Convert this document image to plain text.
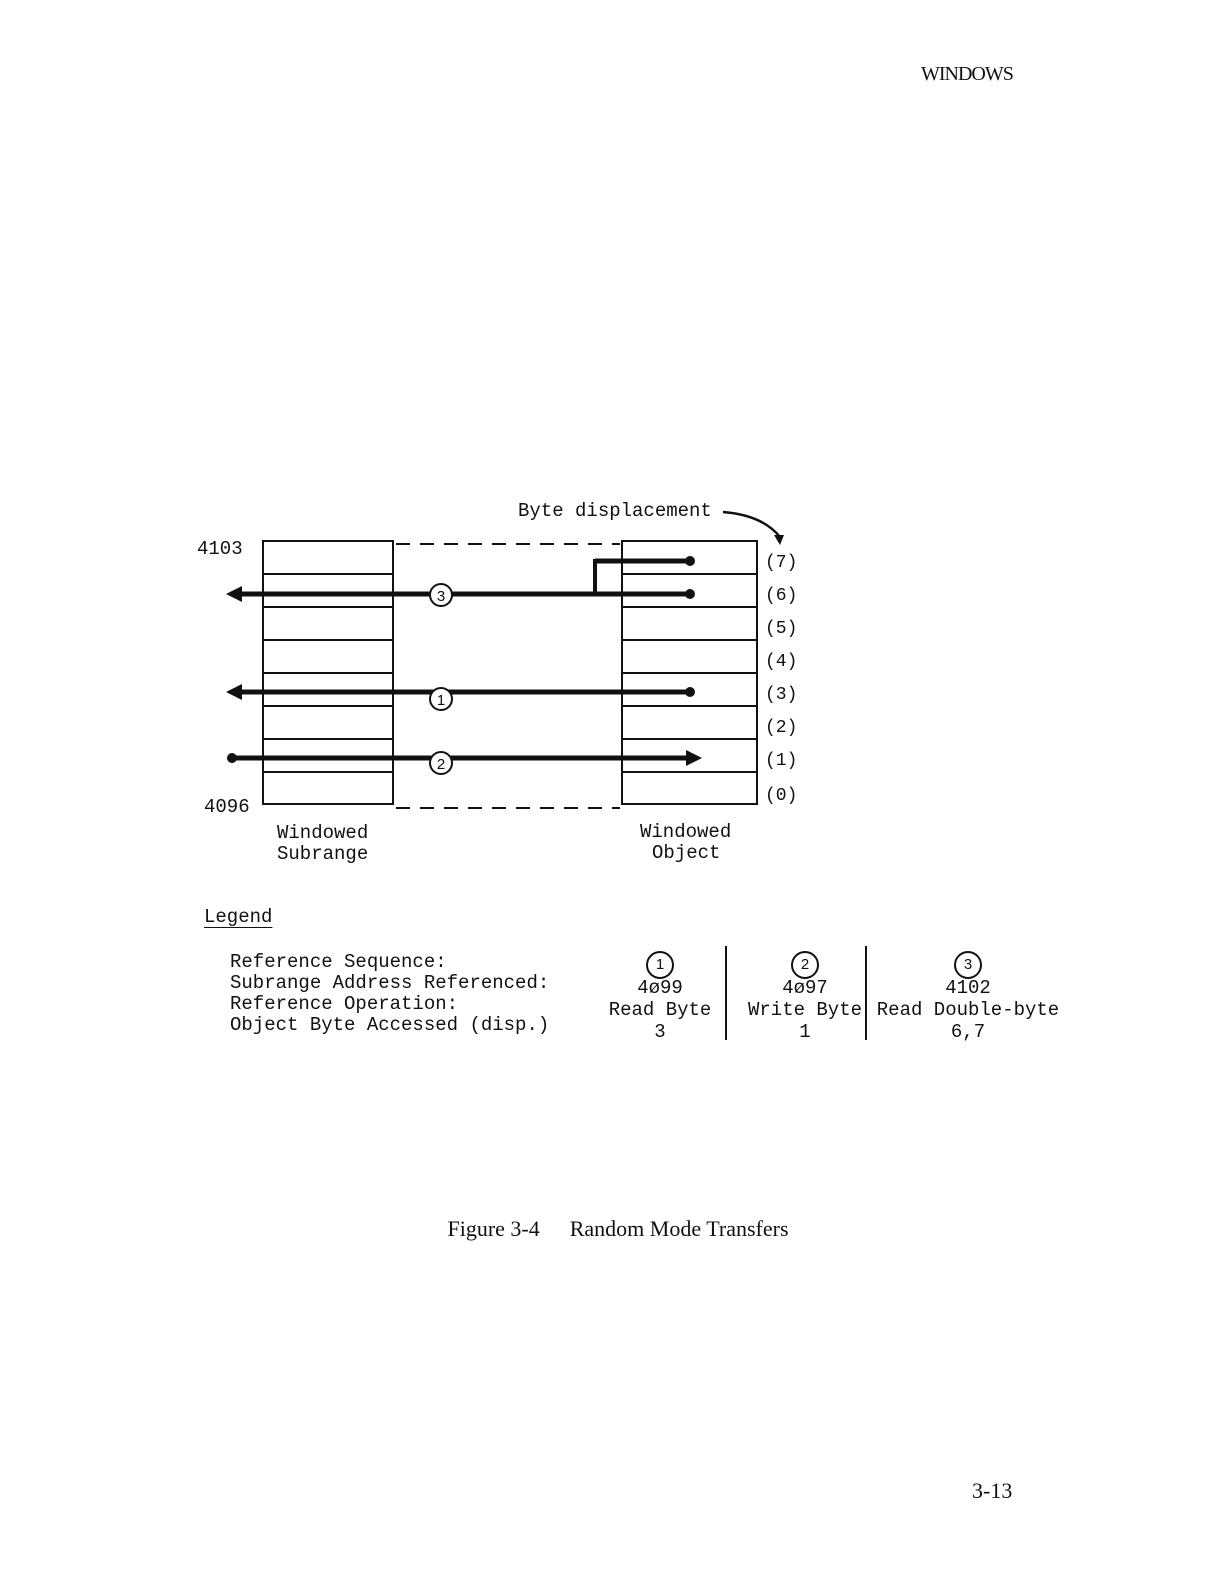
WINDOWS
Byte displacement
4103
4096
3
1
2
(7)
(6)
(5)
(4)
(3)
(2)
(1)
(0)
Windowed
Subrange
Windowed
Object
Legend
Reference Sequence:
Subrange Address Referenced:
Reference Operation:
Object Byte Accessed (disp.)
1
4ø99
Read Byte
3
2
4ø97
Write Byte
1
3
4102
Read Double-byte
6,7

Figure 3-4 Random Mode Transfers

3-13
